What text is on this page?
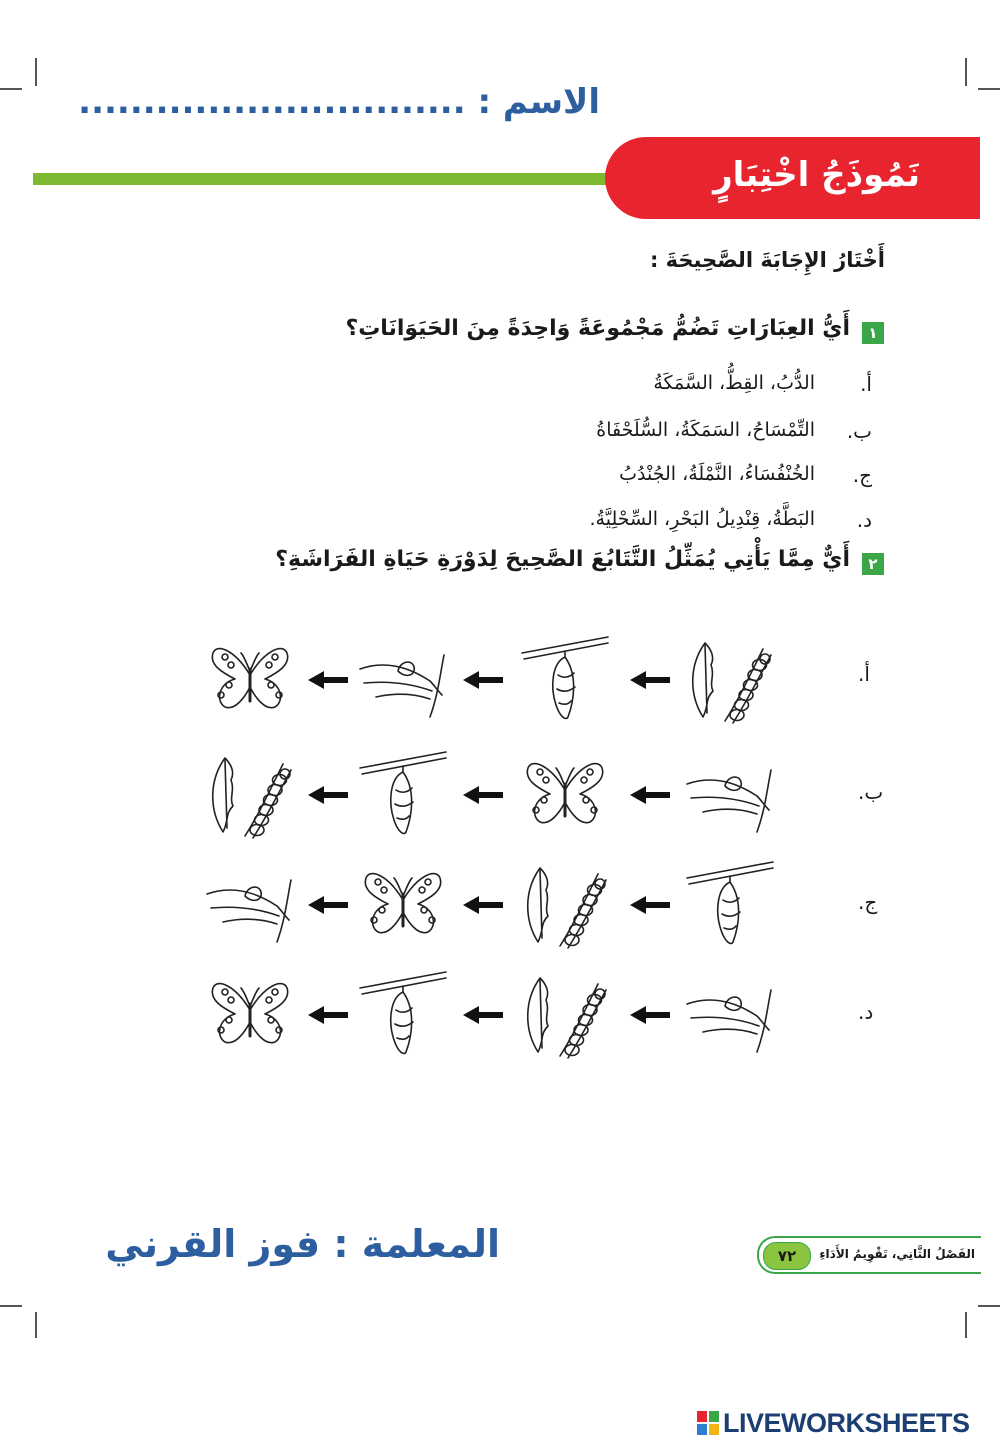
الاسم : ..............................
نَمُوذَجُ اخْتِبَارٍ
أَخْتَارُ الإِجَابَةَ الصَّحِيحَةَ :
١
أَيُّ العِبَارَاتِ تَضُمُّ مَجْمُوعَةً وَاحِدَةً مِنَ الحَيَوَانَاتِ؟
أ.
الدُّبُ، القِطُّ، السَّمَكَةُ
ب.
التِّمْسَاحُ، السَمَكَةُ، السُّلَحْفَاةُ
ج.
الخُنْفُسَاءُ، النَّمْلَةُ، الجُنْدُبُ
د.
البَطَّةُ، قِنْدِيلُ البَحْرِ، السِّحْلِيَّةُ.
٢
أَيٌّ مِمَّا يَأْتِي يُمَثِّلُ التَّتَابُعَ الصَّحِيحَ لِدَوْرَةِ حَيَاةِ الفَرَاشَةِ؟
أ.
ب.
ج.
د.
المعلمة : فوز القرني	٧٢	الفَصْلُ الثَّانِي، تَقْوِيمُ الأَدَاءِ
LIVEWORKSHEETS
